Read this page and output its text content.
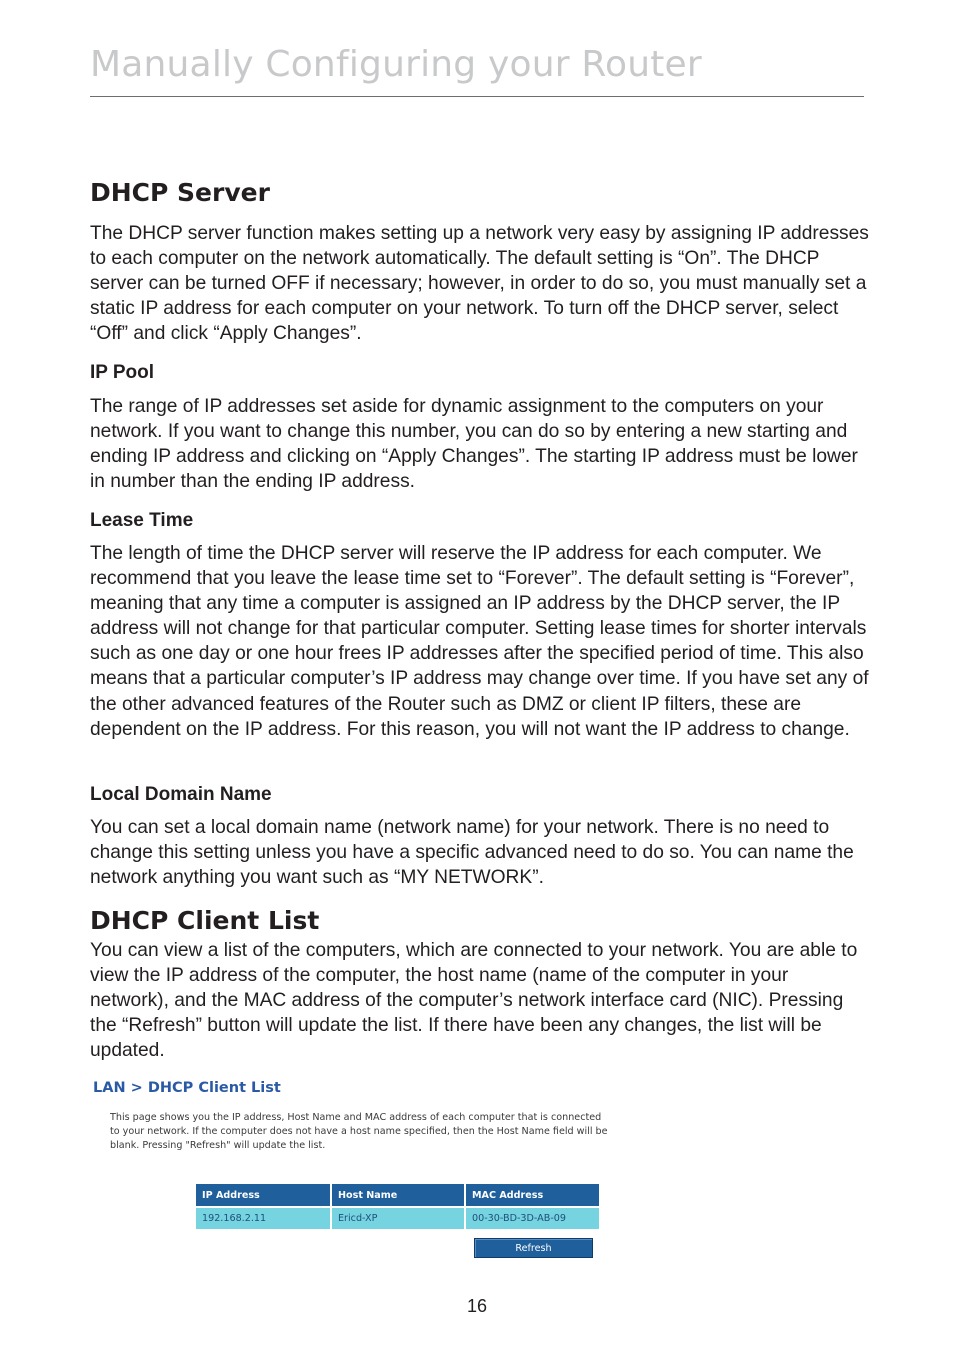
Manually Configuring your Router
DHCP Server

The DHCP server function makes setting up a network very easy by assigning IP addresses to each computer on the network automatically. The default setting is “On”. The DHCP server can be turned OFF if necessary; however, in order to do so, you must manually set a static IP address for each computer on your network. To turn off the DHCP server, select “Off” and click “Apply Changes”.

IP Pool

The range of IP addresses set aside for dynamic assignment to the computers on your network. If you want to change this number, you can do so by entering a new starting and ending IP address and clicking on “Apply Changes”. The starting IP address must be lower in number than the ending IP address.

Lease Time

The length of time the DHCP server will reserve the IP address for each computer. We recommend that you leave the lease time set to “Forever”. The default setting is “Forever”, meaning that any time a computer is assigned an IP address by the DHCP server, the IP address will not change for that particular computer. Setting lease times for shorter intervals such as one day or one hour frees IP addresses after the specified period of time. This also means that a particular computer’s IP address may change over time. If you have set any of the other advanced features of the Router such as DMZ or client IP filters, these are dependent on the IP address. For this reason, you will not want the IP address to change.

Local Domain Name

You can set a local domain name (network name) for your network. There is no need to change this setting unless you have a specific advanced need to do so. You can name the network anything you want such as “MY NETWORK”.

DHCP Client List

You can view a list of the computers, which are connected to your network. You are able to view the IP address of the computer, the host name (name of the computer in your network), and the MAC address of the computer’s network interface card (NIC). Pressing the “Refresh” button will update the list. If there have been any changes, the list will be updated.

LAN > DHCP Client List
This page shows you the IP address, Host Name and MAC address of each computer that is connected
to your network. If the computer does not have a host name specified, then the Host Name field will be
blank. Pressing "Refresh" will update the list.
IP Address	Host Name	MAC Address
192.168.2.11	Ericd-XP	00-30-BD-3D-AB-09
Refresh
16
